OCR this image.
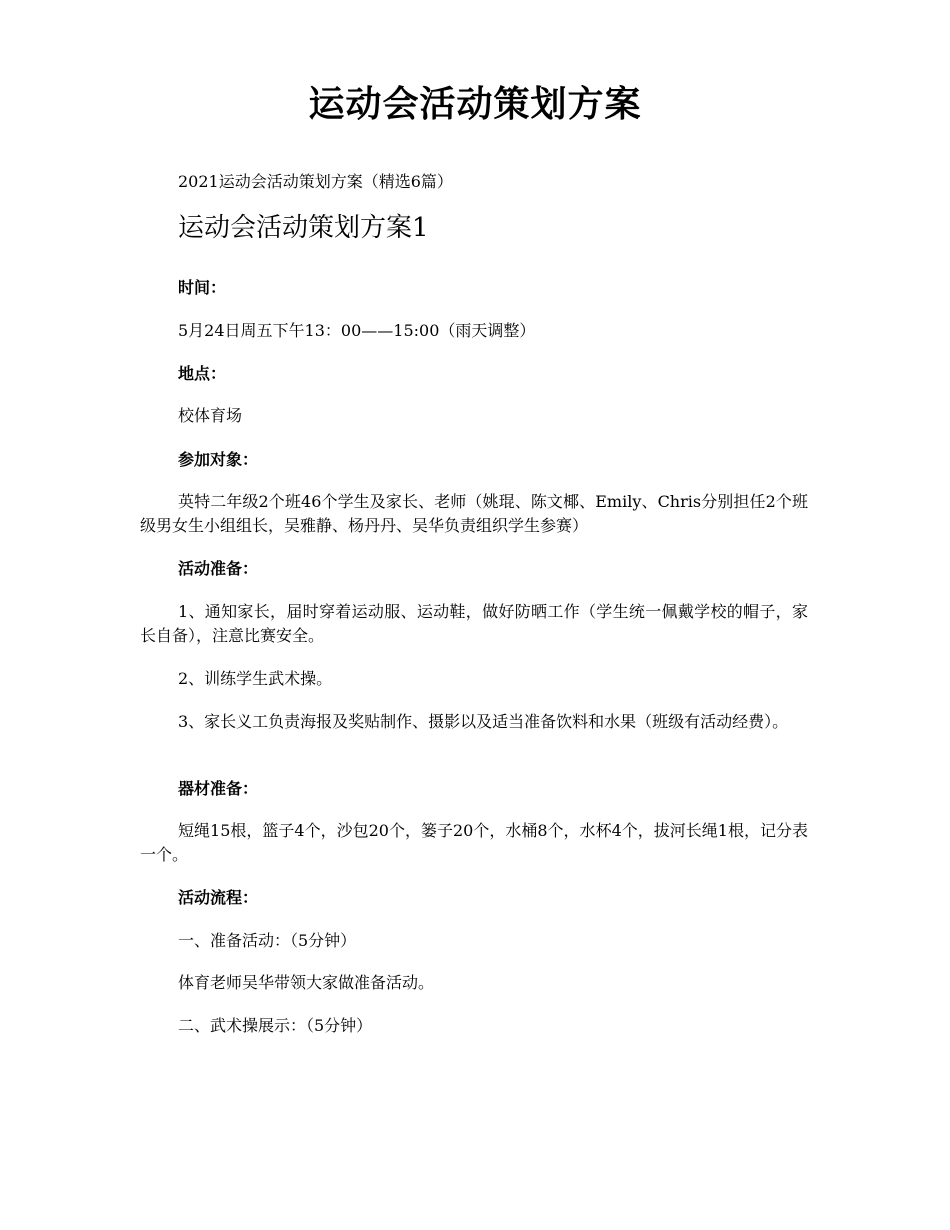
运动会活动策划方案
2021运动会活动策划方案（精选6篇）
运动会活动策划方案1
时间：
5月24日周五下午13：00——15:00（雨天调整）
地点：
校体育场
参加对象：
英特二年级2个班46个学生及家长、老师（姚琨、陈文椰、Emily、Chris分别担任2个班级男女生小组组长，吴雅静、杨丹丹、吴华负责组织学生参赛）
活动准备：
1、通知家长，届时穿着运动服、运动鞋，做好防晒工作（学生统一佩戴学校的帽子，家长自备），注意比赛安全。
2、训练学生武术操。
3、家长义工负责海报及奖贴制作、摄影以及适当准备饮料和水果（班级有活动经费）。
器材准备：
短绳15根，篮子4个，沙包20个，篓子20个，水桶8个，水杯4个，拔河长绳1根，记分表一个。
活动流程：
一、准备活动：（5分钟）
体育老师吴华带领大家做准备活动。
二、武术操展示：（5分钟）
